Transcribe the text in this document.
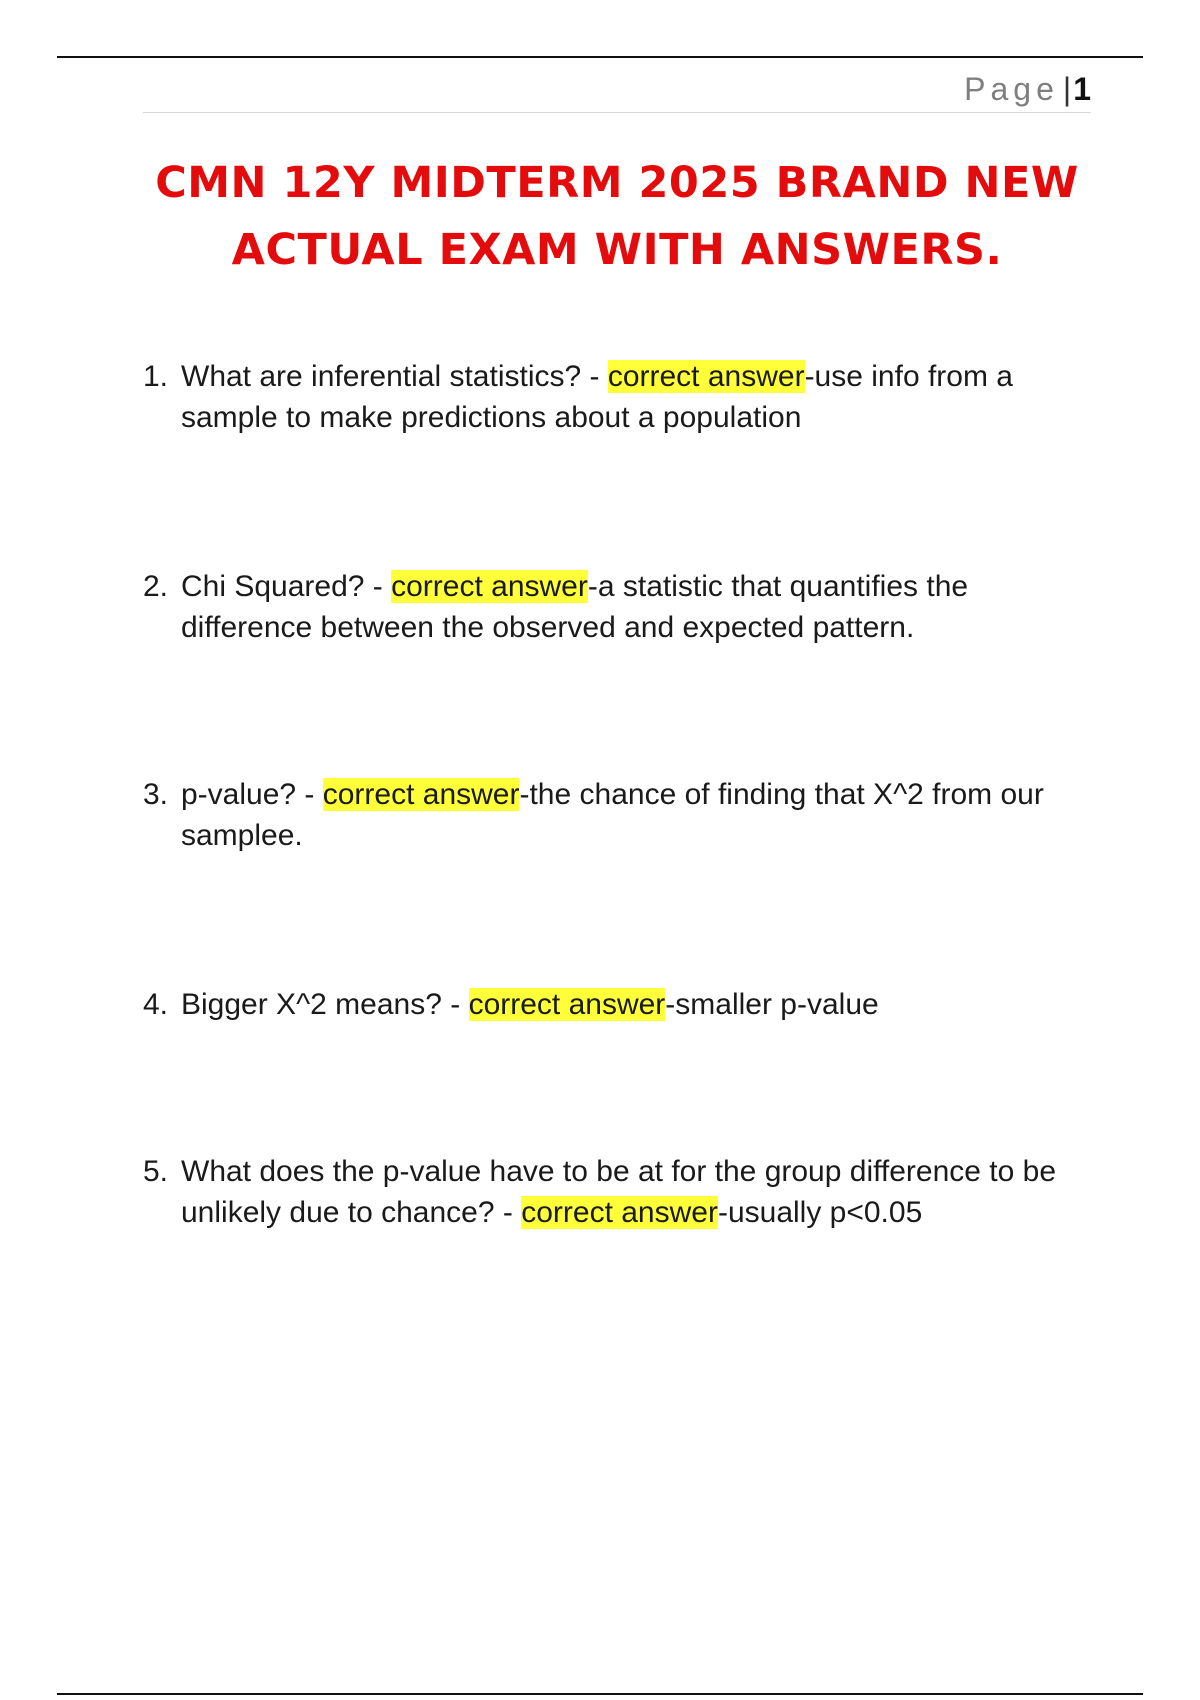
Page |1
CMN 12Y MIDTERM 2025 BRAND NEW ACTUAL EXAM WITH ANSWERS.
1. What are inferential statistics? - correct answer-use info from a sample to make predictions about a population
2. Chi Squared? - correct answer-a statistic that quantifies the difference between the observed and expected pattern.
3. p-value? - correct answer-the chance of finding that X^2 from our samplee.
4. Bigger X^2 means? - correct answer-smaller p-value
5. What does the p-value have to be at for the group difference to be unlikely due to chance? - correct answer-usually p<0.05
